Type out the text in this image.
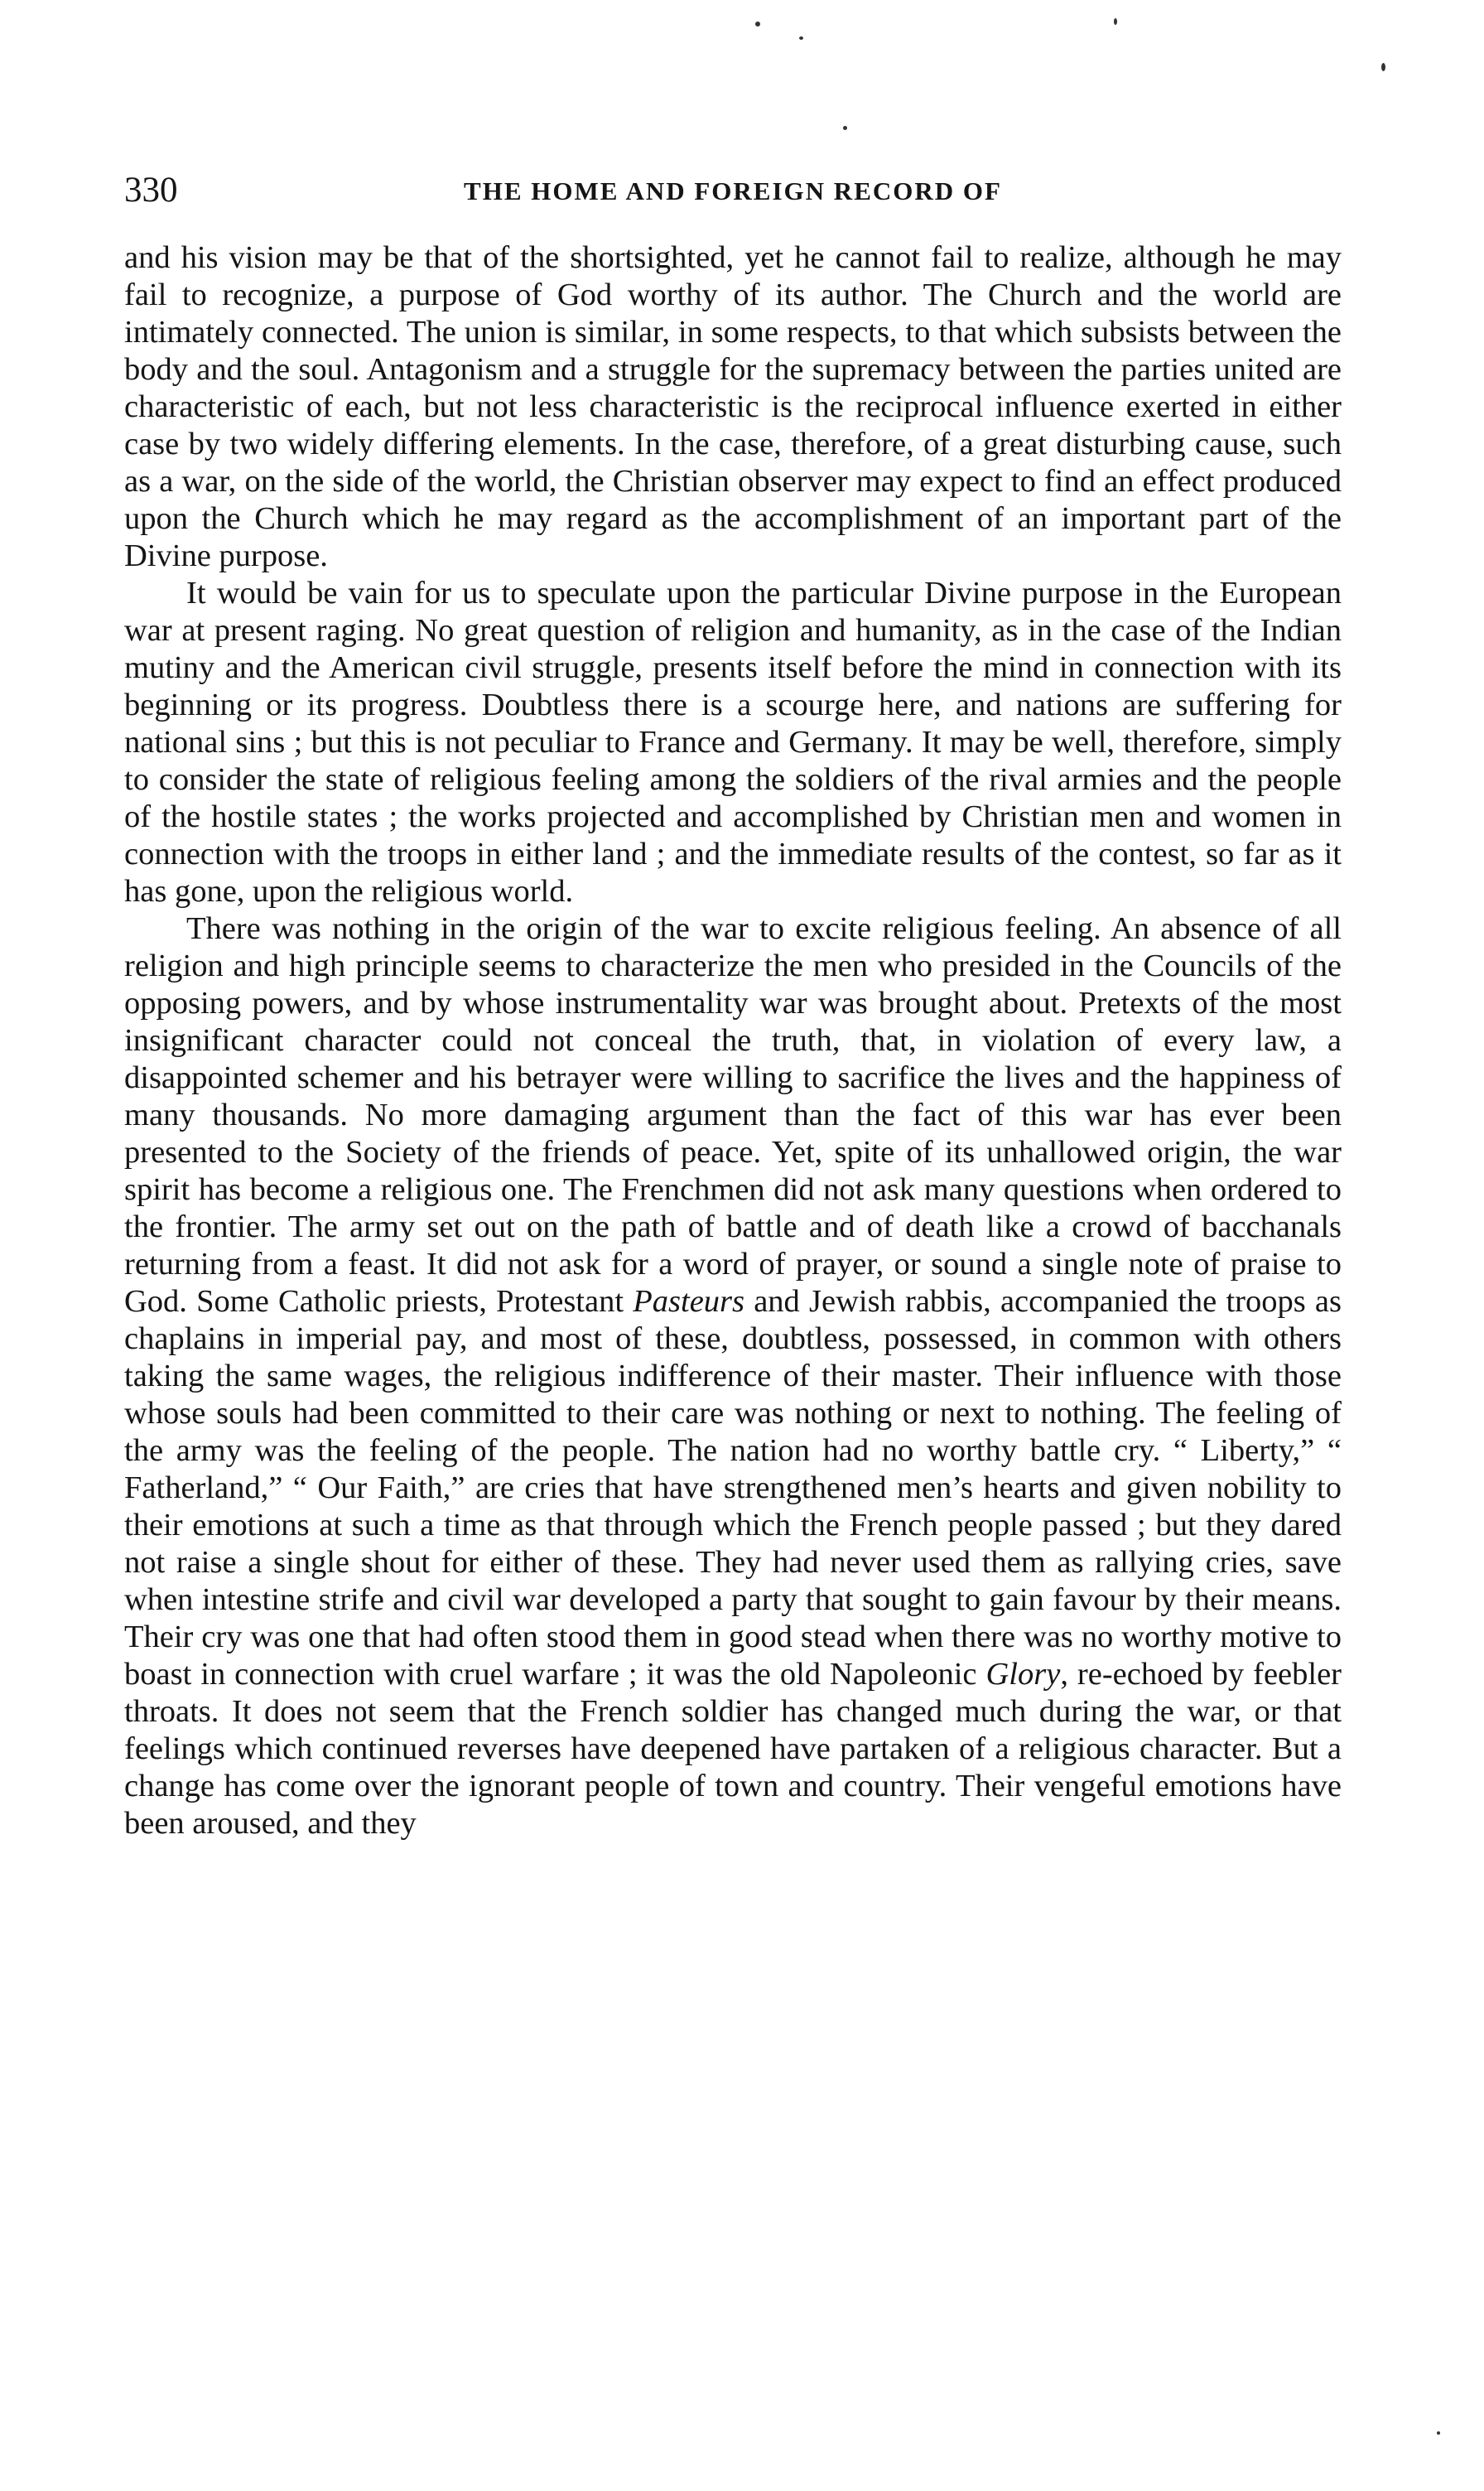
330	THE HOME AND FOREIGN RECORD OF

and his vision may be that of the shortsighted, yet he cannot fail to realize, although he may fail to recognize, a purpose of God worthy of its author. The Church and the world are intimately connected. The union is similar, in some respects, to that which subsists between the body and the soul. Antagonism and a struggle for the supremacy between the parties united are characteristic of each, but not less characteristic is the reciprocal influence exerted in either case by two widely differing elements. In the case, therefore, of a great disturbing cause, such as a war, on the side of the world, the Christian observer may expect to find an effect produced upon the Church which he may regard as the accomplishment of an important part of the Divine purpose.

It would be vain for us to speculate upon the particular Divine purpose in the European war at present raging. No great question of religion and humanity, as in the case of the Indian mutiny and the American civil struggle, presents itself before the mind in connection with its beginning or its progress. Doubtless there is a scourge here, and nations are suffering for national sins ; but this is not peculiar to France and Germany. It may be well, therefore, simply to consider the state of religious feeling among the soldiers of the rival armies and the people of the hostile states ; the works projected and accomplished by Christian men and women in connection with the troops in either land ; and the immediate results of the contest, so far as it has gone, upon the religious world.

There was nothing in the origin of the war to excite religious feeling. An absence of all religion and high principle seems to characterize the men who presided in the Councils of the opposing powers, and by whose instrumentality war was brought about. Pretexts of the most insignificant character could not conceal the truth, that, in violation of every law, a disappointed schemer and his betrayer were willing to sacrifice the lives and the happiness of many thousands. No more damaging argument than the fact of this war has ever been presented to the Society of the friends of peace. Yet, spite of its unhallowed origin, the war spirit has become a religious one. The Frenchmen did not ask many questions when ordered to the frontier. The army set out on the path of battle and of death like a crowd of bacchanals returning from a feast. It did not ask for a word of prayer, or sound a single note of praise to God. Some Catholic priests, Protestant Pasteurs and Jewish rabbis, accompanied the troops as chaplains in imperial pay, and most of these, doubtless, possessed, in common with others taking the same wages, the religious indifference of their master. Their influence with those whose souls had been committed to their care was nothing or next to nothing. The feeling of the army was the feeling of the people. The nation had no worthy battle cry. “ Liberty,” “ Fatherland,” “ Our Faith,” are cries that have strengthened men’s hearts and given nobility to their emotions at such a time as that through which the French people passed ; but they dared not raise a single shout for either of these. They had never used them as rallying cries, save when intestine strife and civil war developed a party that sought to gain favour by their means. Their cry was one that had often stood them in good stead when there was no worthy motive to boast in connection with cruel warfare ; it was the old Napoleonic Glory, re-echoed by feebler throats. It does not seem that the French soldier has changed much during the war, or that feelings which continued reverses have deepened have partaken of a religious character. But a change has come over the ignorant people of town and country. Their vengeful emotions have been aroused, and they
